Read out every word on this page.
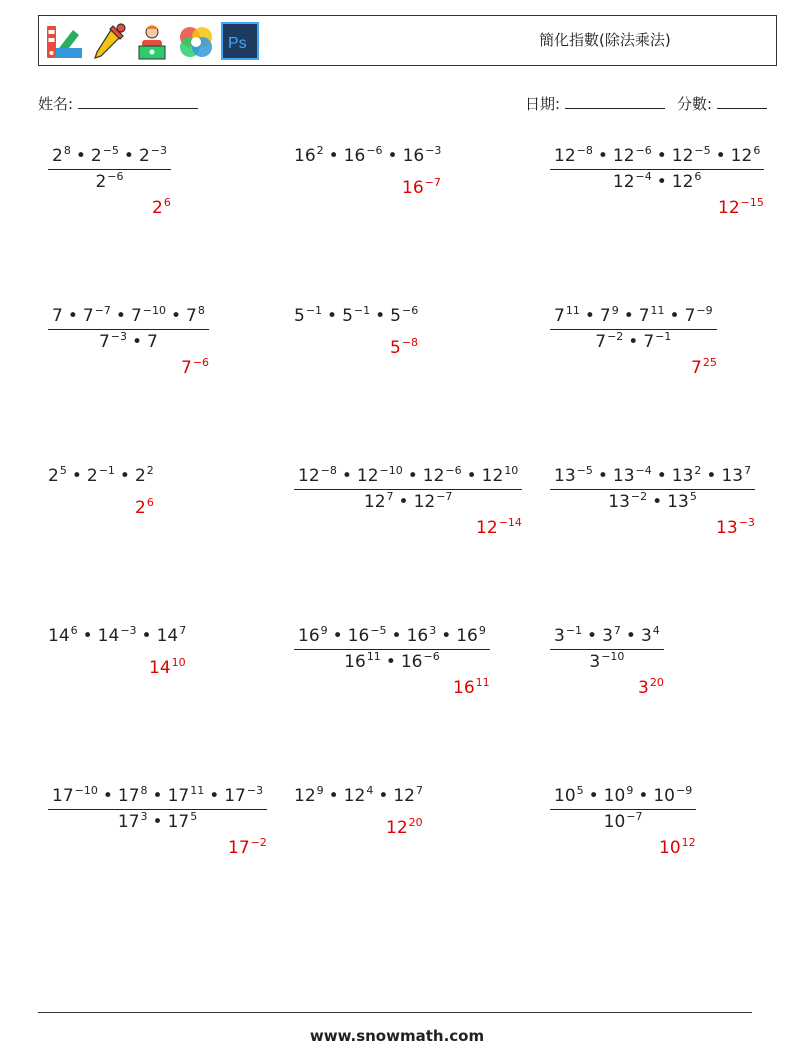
Ps	簡化指數(除法乘法)
姓名:	日期:	分數:
$\frac{2^8 • 2^{-5} • 2^{-3}}{2^{-6}}$
$2^6$
$16^2$ • $16^{-6}$ • $16^{-3}$
$16^{-7}$	$\frac{12^{-8} • 12^{-6} • 12^{-5} • 12^6}{12^{-4} • 12^6}$
$12^{-15}$
$\frac{7 • 7^{-7} • 7^{-10} • 7^8}{7^{-3} • 7}$
$7^{-6}$
$5^{-1}$ • $5^{-1}$ • $5^{-6}$
$5^{-8}$	$\frac{7^{11} • 7^9 • 7^{11} • 7^{-9}}{7^{-2} • 7^{-1}}$
$7^{25}$
$2^5$ • $2^{-1}$ • $2^2$
$2^6$	$\frac{12^{-8} • 12^{-10} • 12^{-6} • 12^{10}}{12^7 • 12^{-7}}$
$12^{-14}$
$\frac{13^{-5} • 13^{-4} • 13^2 • 13^7}{13^{-2} • 13^5}$
$13^{-3}$
$14^6$ • $14^{-3}$ • $14^7$
$14^{10}$	$\frac{16^9 • 16^{-5} • 16^3 • 16^9}{16^{11} • 16^{-6}}$
$16^{11}$
$\frac{3^{-1} • 3^7 • 3^4}{3^{-10}}$
$3^{20}$
$\frac{17^{-10} • 17^8 • 17^{11} • 17^{-3}}{17^3 • 17^5}$
$17^{-2}$
$12^9$ • $12^4$ • $12^7$
$12^{20}$	$\frac{10^5 • 10^9 • 10^{-9}}{10^{-7}}$
$10^{12}$
www.snowmath.com
